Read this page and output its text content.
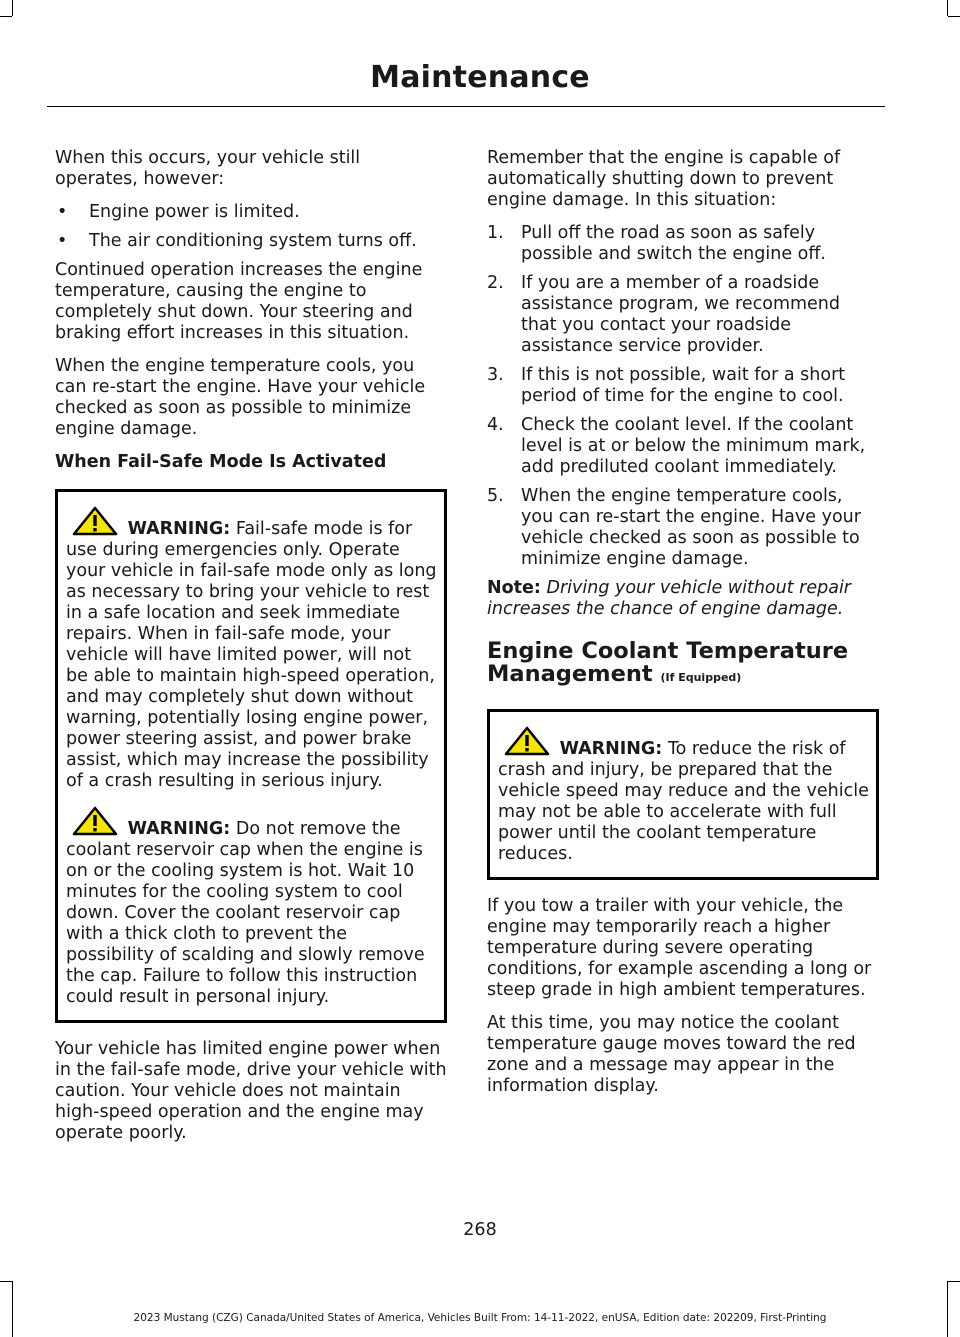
Maintenance

When this occurs, your vehicle still operates, however:

• Engine power is limited.
• The air conditioning system turns off.

Continued operation increases the engine temperature, causing the engine to completely shut down. Your steering and braking effort increases in this situation.

When the engine temperature cools, you can re-start the engine. Have your vehicle checked as soon as possible to minimize engine damage.

When Fail-Safe Mode Is Activated

WARNING: Fail-safe mode is for use during emergencies only. Operate your vehicle in fail-safe mode only as long as necessary to bring your vehicle to rest in a safe location and seek immediate repairs. When in fail-safe mode, your vehicle will have limited power, will not be able to maintain high-speed operation, and may completely shut down without warning, potentially losing engine power, power steering assist, and power brake assist, which may increase the possibility of a crash resulting in serious injury.

WARNING: Do not remove the coolant reservoir cap when the engine is on or the cooling system is hot. Wait 10 minutes for the cooling system to cool down. Cover the coolant reservoir cap with a thick cloth to prevent the possibility of scalding and slowly remove the cap. Failure to follow this instruction could result in personal injury.

Your vehicle has limited engine power when in the fail-safe mode, drive your vehicle with caution. Your vehicle does not maintain high-speed operation and the engine may operate poorly.

Remember that the engine is capable of automatically shutting down to prevent engine damage. In this situation:

1. Pull off the road as soon as safely possible and switch the engine off.
2. If you are a member of a roadside assistance program, we recommend that you contact your roadside assistance service provider.
3. If this is not possible, wait for a short period of time for the engine to cool.
4. Check the coolant level. If the coolant level is at or below the minimum mark, add prediluted coolant immediately.
5. When the engine temperature cools, you can re-start the engine. Have your vehicle checked as soon as possible to minimize engine damage.

Note: Driving your vehicle without repair increases the chance of engine damage.

Engine Coolant Temperature Management (If Equipped)

WARNING: To reduce the risk of crash and injury, be prepared that the vehicle speed may reduce and the vehicle may not be able to accelerate with full power until the coolant temperature reduces.

If you tow a trailer with your vehicle, the engine may temporarily reach a higher temperature during severe operating conditions, for example ascending a long or steep grade in high ambient temperatures.

At this time, you may notice the coolant temperature gauge moves toward the red zone and a message may appear in the information display.

268
2023 Mustang (CZG) Canada/United States of America, Vehicles Built From: 14-11-2022, enUSA, Edition date: 202209, First-Printing
